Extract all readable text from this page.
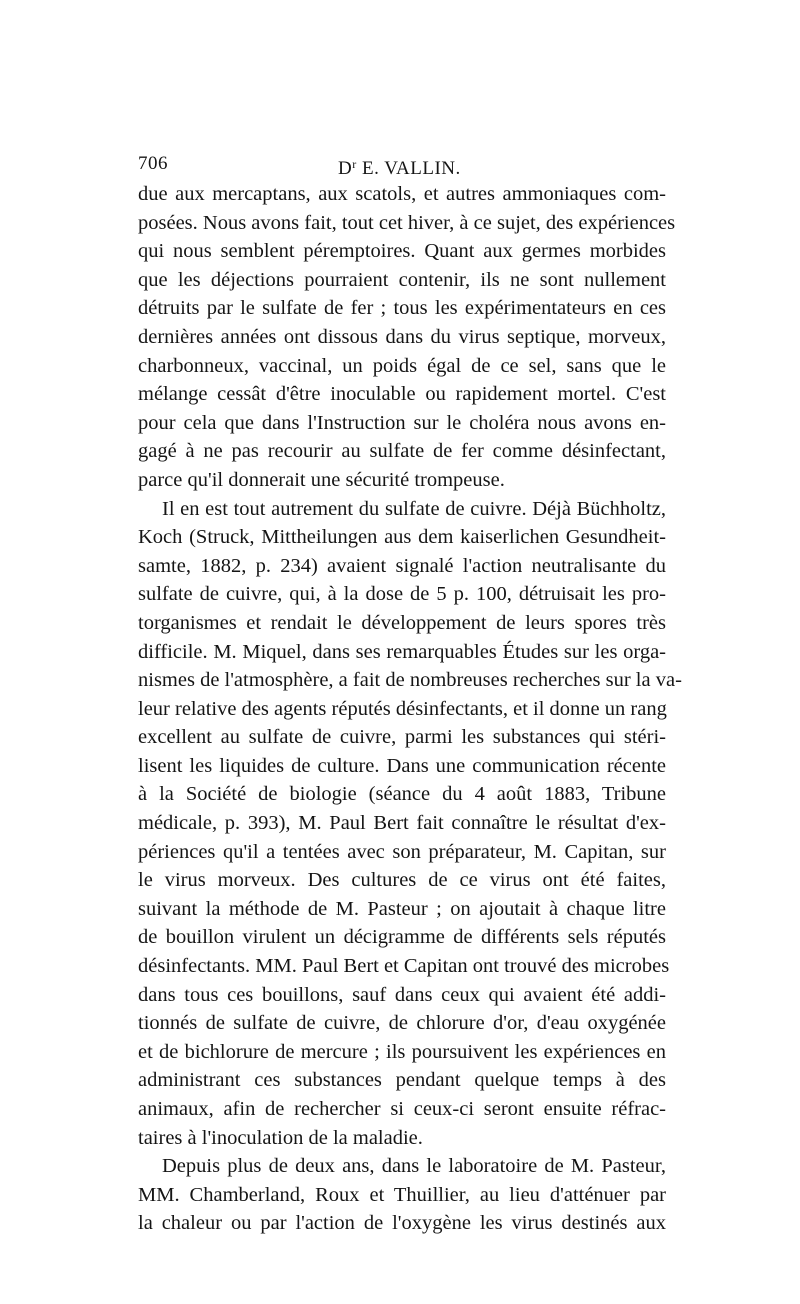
706	$D^r$ E. VALLIN.
due aux mercaptans, aux scatols, et autres ammoniaques com-
posées. Nous avons fait, tout cet hiver, à ce sujet, des expériences
qui nous semblent péremptoires. Quant aux germes morbides
que les déjections pourraient contenir, ils ne sont nullement
détruits par le sulfate de fer ; tous les expérimentateurs en ces
dernières années ont dissous dans du virus septique, morveux,
charbonneux, vaccinal, un poids égal de ce sel, sans que le
mélange cessât d'être inoculable ou rapidement mortel. C'est
pour cela que dans l'Instruction sur le choléra nous avons en-
gagé à ne pas recourir au sulfate de fer comme désinfectant,
parce qu'il donnerait une sécurité trompeuse.
Il en est tout autrement du sulfate de cuivre. Déjà Büchholtz,
Koch (Struck, Mittheilungen aus dem kaiserlichen Gesundheit-
samte, 1882, p. 234) avaient signalé l'action neutralisante du
sulfate de cuivre, qui, à la dose de 5 p. 100, détruisait les pro-
torganismes et rendait le développement de leurs spores très
difficile. M. Miquel, dans ses remarquables Études sur les orga-
nismes de l'atmosphère, a fait de nombreuses recherches sur la va-
leur relative des agents réputés désinfectants, et il donne un rang
excellent au sulfate de cuivre, parmi les substances qui stéri-
lisent les liquides de culture. Dans une communication récente
à la Société de biologie (séance du 4 août 1883, Tribune
médicale, p. 393), M. Paul Bert fait connaître le résultat d'ex-
périences qu'il a tentées avec son préparateur, M. Capitan, sur
le virus morveux. Des cultures de ce virus ont été faites,
suivant la méthode de M. Pasteur ; on ajoutait à chaque litre
de bouillon virulent un décigramme de différents sels réputés
désinfectants. MM. Paul Bert et Capitan ont trouvé des microbes
dans tous ces bouillons, sauf dans ceux qui avaient été addi-
tionnés de sulfate de cuivre, de chlorure d'or, d'eau oxygénée
et de bichlorure de mercure ; ils poursuivent les expériences en
administrant ces substances pendant quelque temps à des
animaux, afin de rechercher si ceux-ci seront ensuite réfrac-
taires à l'inoculation de la maladie.
Depuis plus de deux ans, dans le laboratoire de M. Pasteur,
MM. Chamberland, Roux et Thuillier, au lieu d'atténuer par
la chaleur ou par l'action de l'oxygène les virus destinés aux
